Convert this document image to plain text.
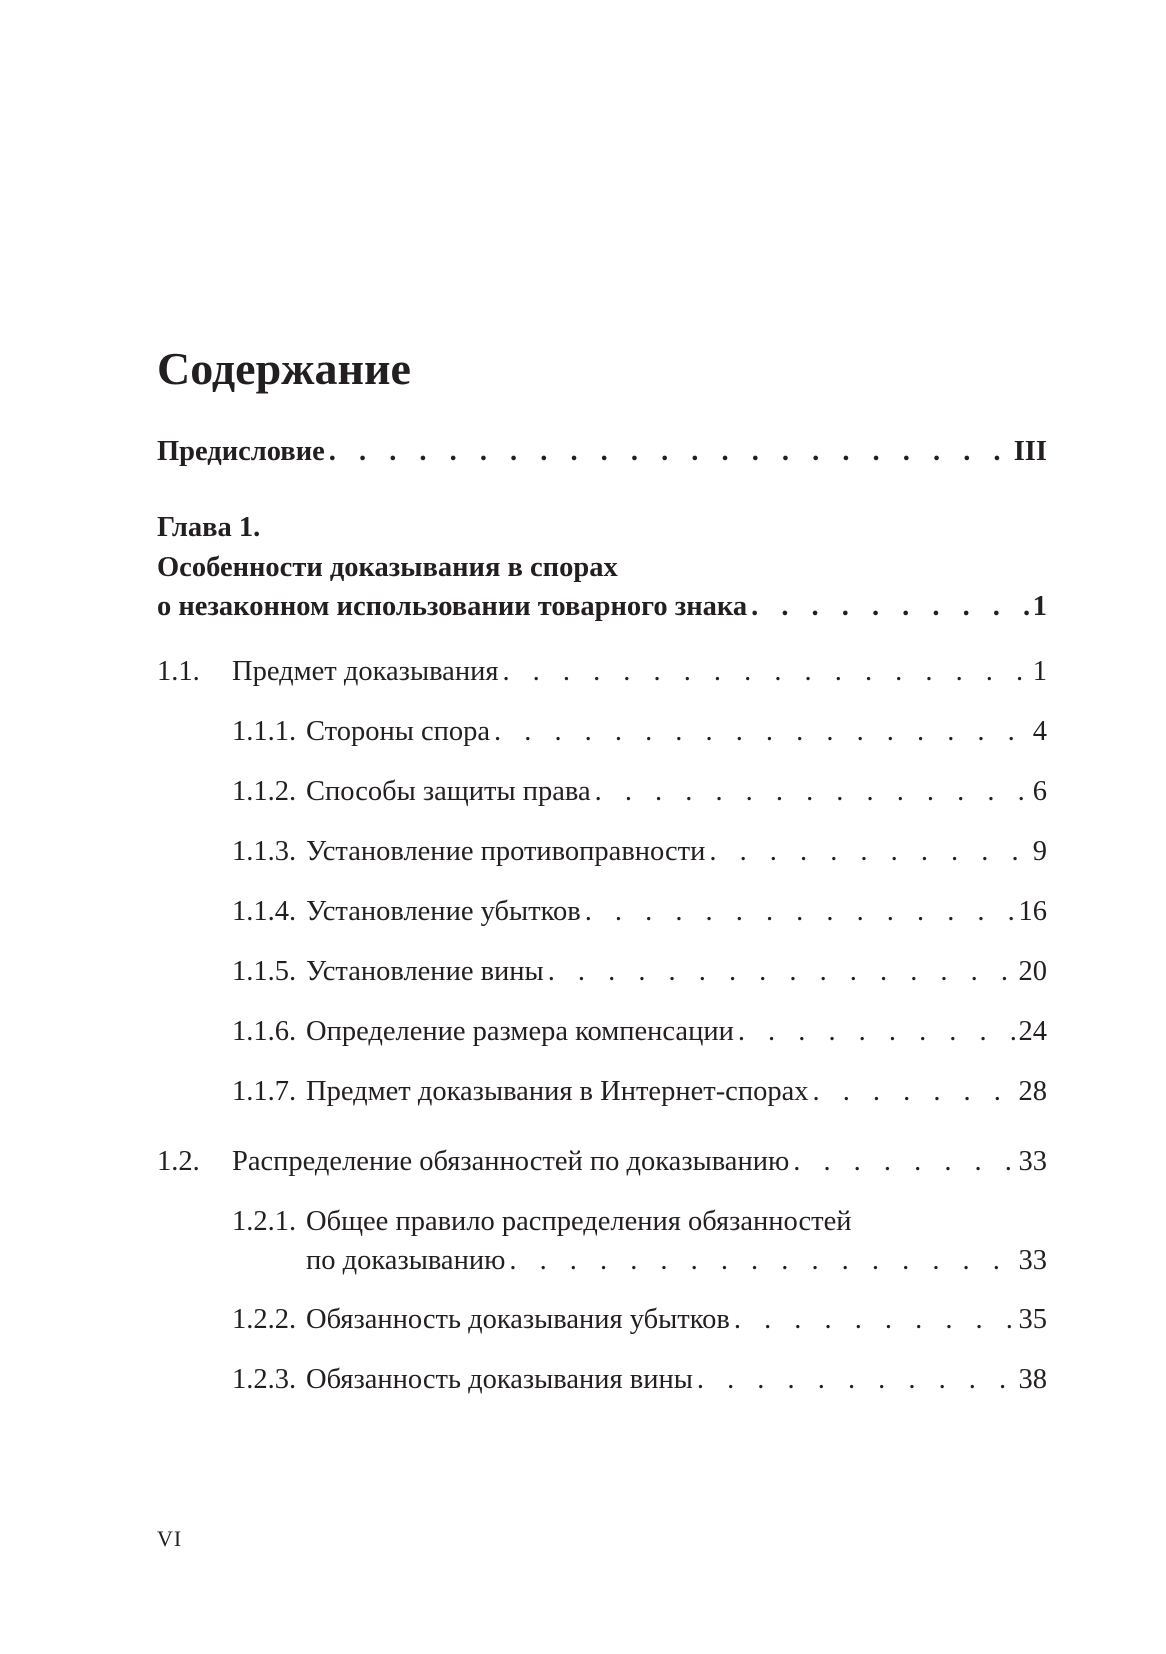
Содержание
Предисловие . . .	III
Глава 1.
Особенности доказывания в спорах
о незаконном использовании товарного знака . . .	1
1.1.	Предмет доказывания . . .	1
1.1.1. Стороны спора . . .	4
1.1.2. Способы защиты права . . .	6
1.1.3. Установление противоправности . . .	9
1.1.4. Установление убытков . . .	16
1.1.5. Установление вины . . .	20
1.1.6. Определение размера компенсации . . .	24
1.1.7. Предмет доказывания в Интернет-спорах . . .	28
1.2.	Распределение обязанностей по доказыванию . . .	33
1.2.1. Общее правило распределения обязанностей
по доказыванию . . .	33
1.2.2. Обязанность доказывания убытков . . .	35
1.2.3. Обязанность доказывания вины . . .	38
VI
